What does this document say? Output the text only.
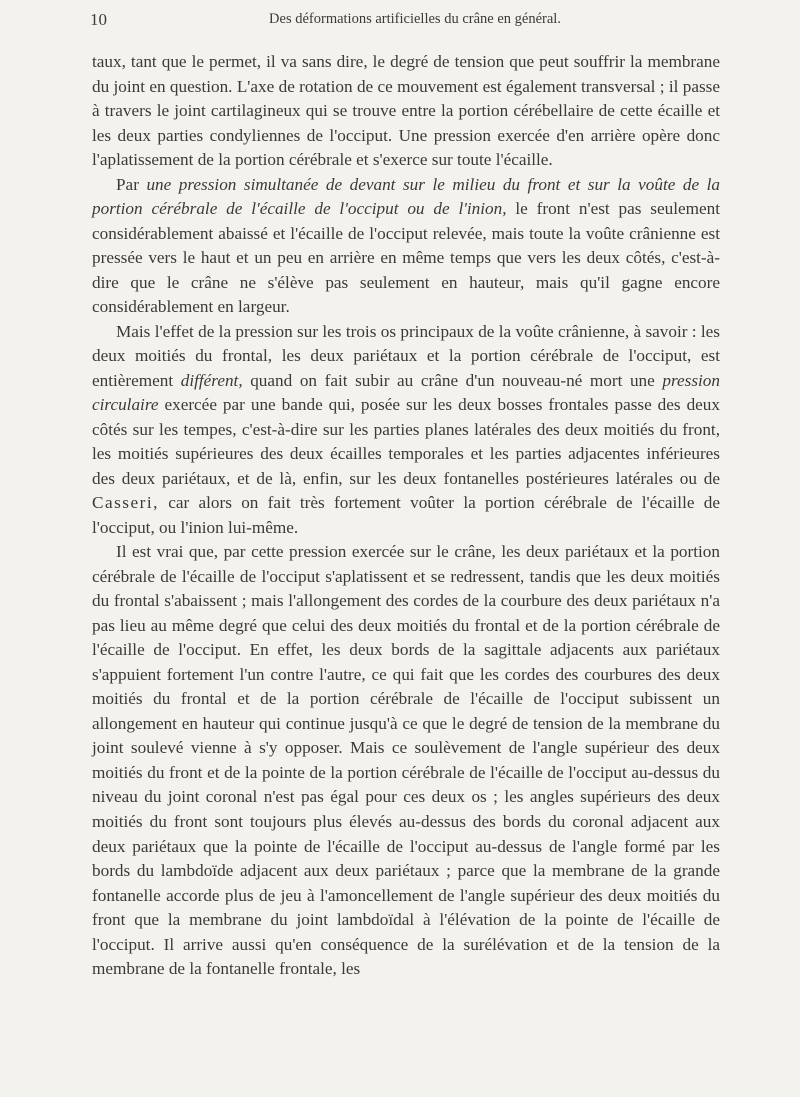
10	Des déformations artificielles du crâne en général.

taux, tant que le permet, il va sans dire, le degré de tension que peut souffrir la membrane du joint en question. L'axe de rotation de ce mouvement est également transversal ; il passe à travers le joint cartilagineux qui se trouve entre la portion cérébellaire de cette écaille et les deux parties condyliennes de l'occiput. Une pression exercée d'en arrière opère donc l'aplatissement de la portion cérébrale et s'exerce sur toute l'écaille.

Par une pression simultanée de devant sur le milieu du front et sur la voûte de la portion cérébrale de l'écaille de l'occiput ou de l'inion, le front n'est pas seulement considérablement abaissé et l'écaille de l'occiput relevée, mais toute la voûte crânienne est pressée vers le haut et un peu en arrière en même temps que vers les deux côtés, c'est-à-dire que le crâne ne s'élève pas seulement en hauteur, mais qu'il gagne encore considérablement en largeur.

Mais l'effet de la pression sur les trois os principaux de la voûte crânienne, à savoir : les deux moitiés du frontal, les deux pariétaux et la portion cérébrale de l'occiput, est entièrement différent, quand on fait subir au crâne d'un nouveau-né mort une pression circulaire exercée par une bande qui, posée sur les deux bosses frontales passe des deux côtés sur les tempes, c'est-à-dire sur les parties planes latérales des deux moitiés du front, les moitiés supérieures des deux écailles temporales et les parties adjacentes inférieures des deux pariétaux, et de là, enfin, sur les deux fontanelles postérieures latérales ou de Casseri, car alors on fait très fortement voûter la portion cérébrale de l'écaille de l'occiput, ou l'inion lui-même.

Il est vrai que, par cette pression exercée sur le crâne, les deux pariétaux et la portion cérébrale de l'écaille de l'occiput s'aplatissent et se redressent, tandis que les deux moitiés du frontal s'abaissent ; mais l'allongement des cordes de la courbure des deux pariétaux n'a pas lieu au même degré que celui des deux moitiés du frontal et de la portion cérébrale de l'écaille de l'occiput. En effet, les deux bords de la sagittale adjacents aux pariétaux s'appuient fortement l'un contre l'autre, ce qui fait que les cordes des courbures des deux moitiés du frontal et de la portion cérébrale de l'écaille de l'occiput subissent un allongement en hauteur qui continue jusqu'à ce que le degré de tension de la membrane du joint soulevé vienne à s'y opposer. Mais ce soulèvement de l'angle supérieur des deux moitiés du front et de la pointe de la portion cérébrale de l'écaille de l'occiput au-dessus du niveau du joint coronal n'est pas égal pour ces deux os ; les angles supérieurs des deux moitiés du front sont toujours plus élevés au-dessus des bords du coronal adjacent aux deux pariétaux que la pointe de l'écaille de l'occiput au-dessus de l'angle formé par les bords du lambdoïde adjacent aux deux pariétaux ; parce que la membrane de la grande fontanelle accorde plus de jeu à l'amoncellement de l'angle supérieur des deux moitiés du front que la membrane du joint lambdoïdal à l'élévation de la pointe de l'écaille de l'occiput. Il arrive aussi qu'en conséquence de la surélévation et de la tension de la membrane de la fontanelle frontale, les
